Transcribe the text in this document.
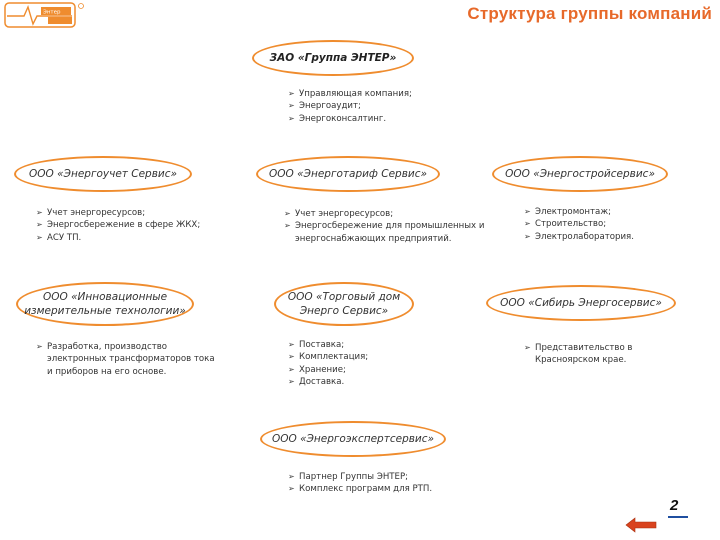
Энтер	Структура группы компаний
ЗАО «Группа ЭНТЕР»
➢ Управляющая компания;
➢ Энергоаудит;
➢ Энергоконсалтинг.
ООО «Энергоучет Сервис»
➢ Учет энергоресурсов;
➢ Энергосбережение в сфере ЖКХ;
➢ АСУ ТП.
ООО «Энерготариф Сервис»
➢ Учет энергоресурсов;
➢ Энергосбережение для промышленных и энергоснабжающих предприятий.
ООО «Энергостройсервис»
➢ Электромонтаж;
➢ Строительство;
➢ Электролаборатория.
ООО «Инновационные измерительные технологии»
➢ Разработка, производство электронных трансформаторов тока и приборов на его основе.
ООО «Торговый дом Энерго Сервис»
➢ Поставка;
➢ Комплектация;
➢ Хранение;
➢ Доставка.
ООО «Сибирь Энергосервис»
➢ Представительство в Красноярском крае.
ООО «Энергоэкспертсервис»
➢ Партнер Группы ЭНТЕР;
➢ Комплекс программ для РТП.
2
